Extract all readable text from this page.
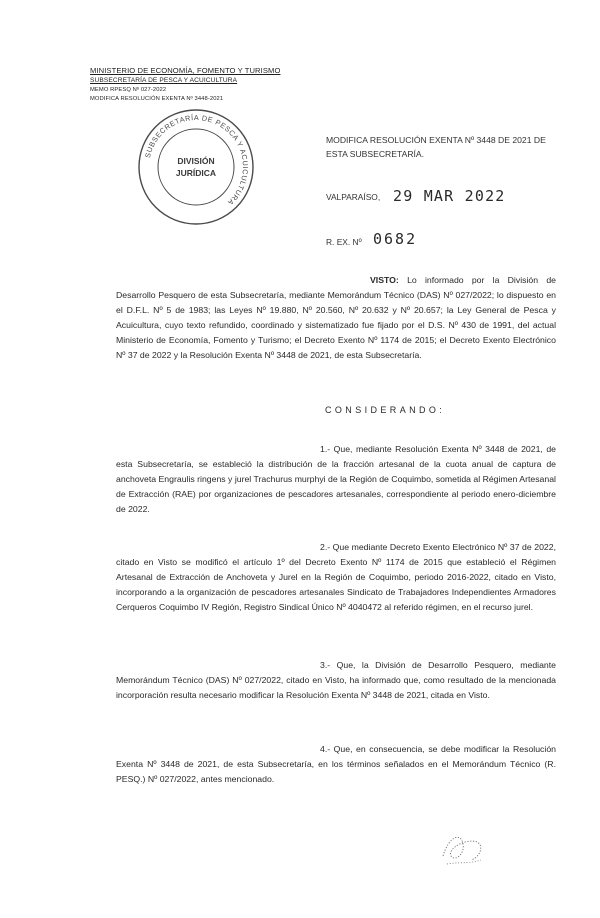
MINISTERIO DE ECONOMÍA, FOMENTO Y TURISMO
SUBSECRETARÍA DE PESCA Y ACUICULTURA
MEMO RPESQ Nº 027-2022
MODIFICA RESOLUCIÓN EXENTA Nº 3448-2021
SUBSECRETARÍA DE PESCA Y ACUICULTURA
DIVISIÓN
JURÍDICA
MODIFICA RESOLUCIÓN EXENTA Nº 3448 DE 2021 DE ESTA SUBSECRETARÍA.
VALPARAÍSO, 29 MAR 2022
R. EX. Nº 0682
VISTO: Lo informado por la División de Desarrollo Pesquero de esta Subsecretaría, mediante Memorándum Técnico (DAS) Nº 027/2022; lo dispuesto en el D.F.L. Nº 5 de 1983; las Leyes Nº 19.880, Nº 20.560, Nº 20.632 y Nº 20.657; la Ley General de Pesca y Acuicultura, cuyo texto refundido, coordinado y sistematizado fue fijado por el D.S. Nº 430 de 1991, del actual Ministerio de Economía, Fomento y Turismo; el Decreto Exento Nº 1174 de 2015; el Decreto Exento Electrónico Nº 37 de 2022 y la Resolución Exenta Nº 3448 de 2021, de esta Subsecretaría.
CONSIDERANDO:
1.- Que, mediante Resolución Exenta Nº 3448 de 2021, de esta Subsecretaría, se estableció la distribución de la fracción artesanal de la cuota anual de captura de anchoveta Engraulis ringens y jurel Trachurus murphyi de la Región de Coquimbo, sometida al Régimen Artesanal de Extracción (RAE) por organizaciones de pescadores artesanales, correspondiente al periodo enero-diciembre de 2022.
2.- Que mediante Decreto Exento Electrónico Nº 37 de 2022, citado en Visto se modificó el artículo 1º del Decreto Exento Nº 1174 de 2015 que estableció el Régimen Artesanal de Extracción de Anchoveta y Jurel en la Región de Coquimbo, periodo 2016-2022, citado en Visto, incorporando a la organización de pescadores artesanales Sindicato de Trabajadores Independientes Armadores Cerqueros Coquimbo IV Región, Registro Sindical Único Nº 4040472 al referido régimen, en el recurso jurel.
3.- Que, la División de Desarrollo Pesquero, mediante Memorándum Técnico (DAS) Nº 027/2022, citado en Visto, ha informado que, como resultado de la mencionada incorporación resulta necesario modificar la Resolución Exenta Nº 3448 de 2021, citada en Visto.
4.- Que, en consecuencia, se debe modificar la Resolución Exenta Nº 3448 de 2021, de esta Subsecretaría, en los términos señalados en el Memorándum Técnico (R. PESQ.) Nº 027/2022, antes mencionado.
